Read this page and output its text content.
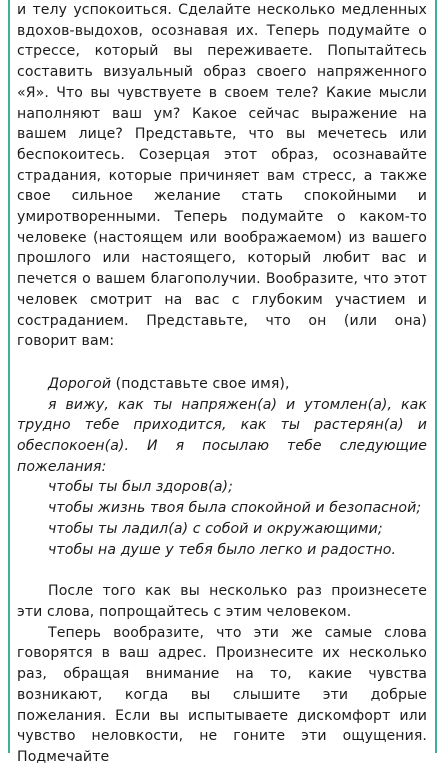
и телу успокоиться. Сделайте несколько медленных вдохов-выдохов, осознавая их. Теперь подумайте о стрессе, который вы переживаете. Попытайтесь составить визуальный образ своего напряженного «Я». Что вы чувствуете в своем теле? Какие мысли наполняют ваш ум? Какое сейчас выражение на вашем лице? Представьте, что вы мечетесь или беспокоитесь. Созерцая этот образ, осознавайте страдания, которые причиняет вам стресс, а также свое сильное желание стать спокойными и умиротворенными. Теперь подумайте о каком-то человеке (настоящем или воображаемом) из вашего прошлого или настоящего, который любит вас и печется о вашем благополучии. Вообразите, что этот человек смотрит на вас с глубоким участием и состраданием. Представьте, что он (или она) говорит вам:

Дорогой (подставьте свое имя),

я вижу, как ты напряжен(а) и утомлен(а), как трудно тебе приходится, как ты растерян(а) и обеспокоен(а). И я посылаю тебе следующие пожелания:

чтобы ты был здоров(а);
чтобы жизнь твоя была спокойной и безопасной;
чтобы ты ладил(а) с собой и окружающими;
чтобы на душе у тебя было легко и радостно.

После того как вы несколько раз произнесете эти слова, попрощайтесь с этим человеком.

Теперь вообразите, что эти же самые слова говорятся в ваш адрес. Произнесите их несколько раз, обращая внимание на то, какие чувства возникают, когда вы слышите эти добрые пожелания. Если вы испытываете дискомфорт или чувство неловкости, не гоните эти ощущения. Подмечайте
